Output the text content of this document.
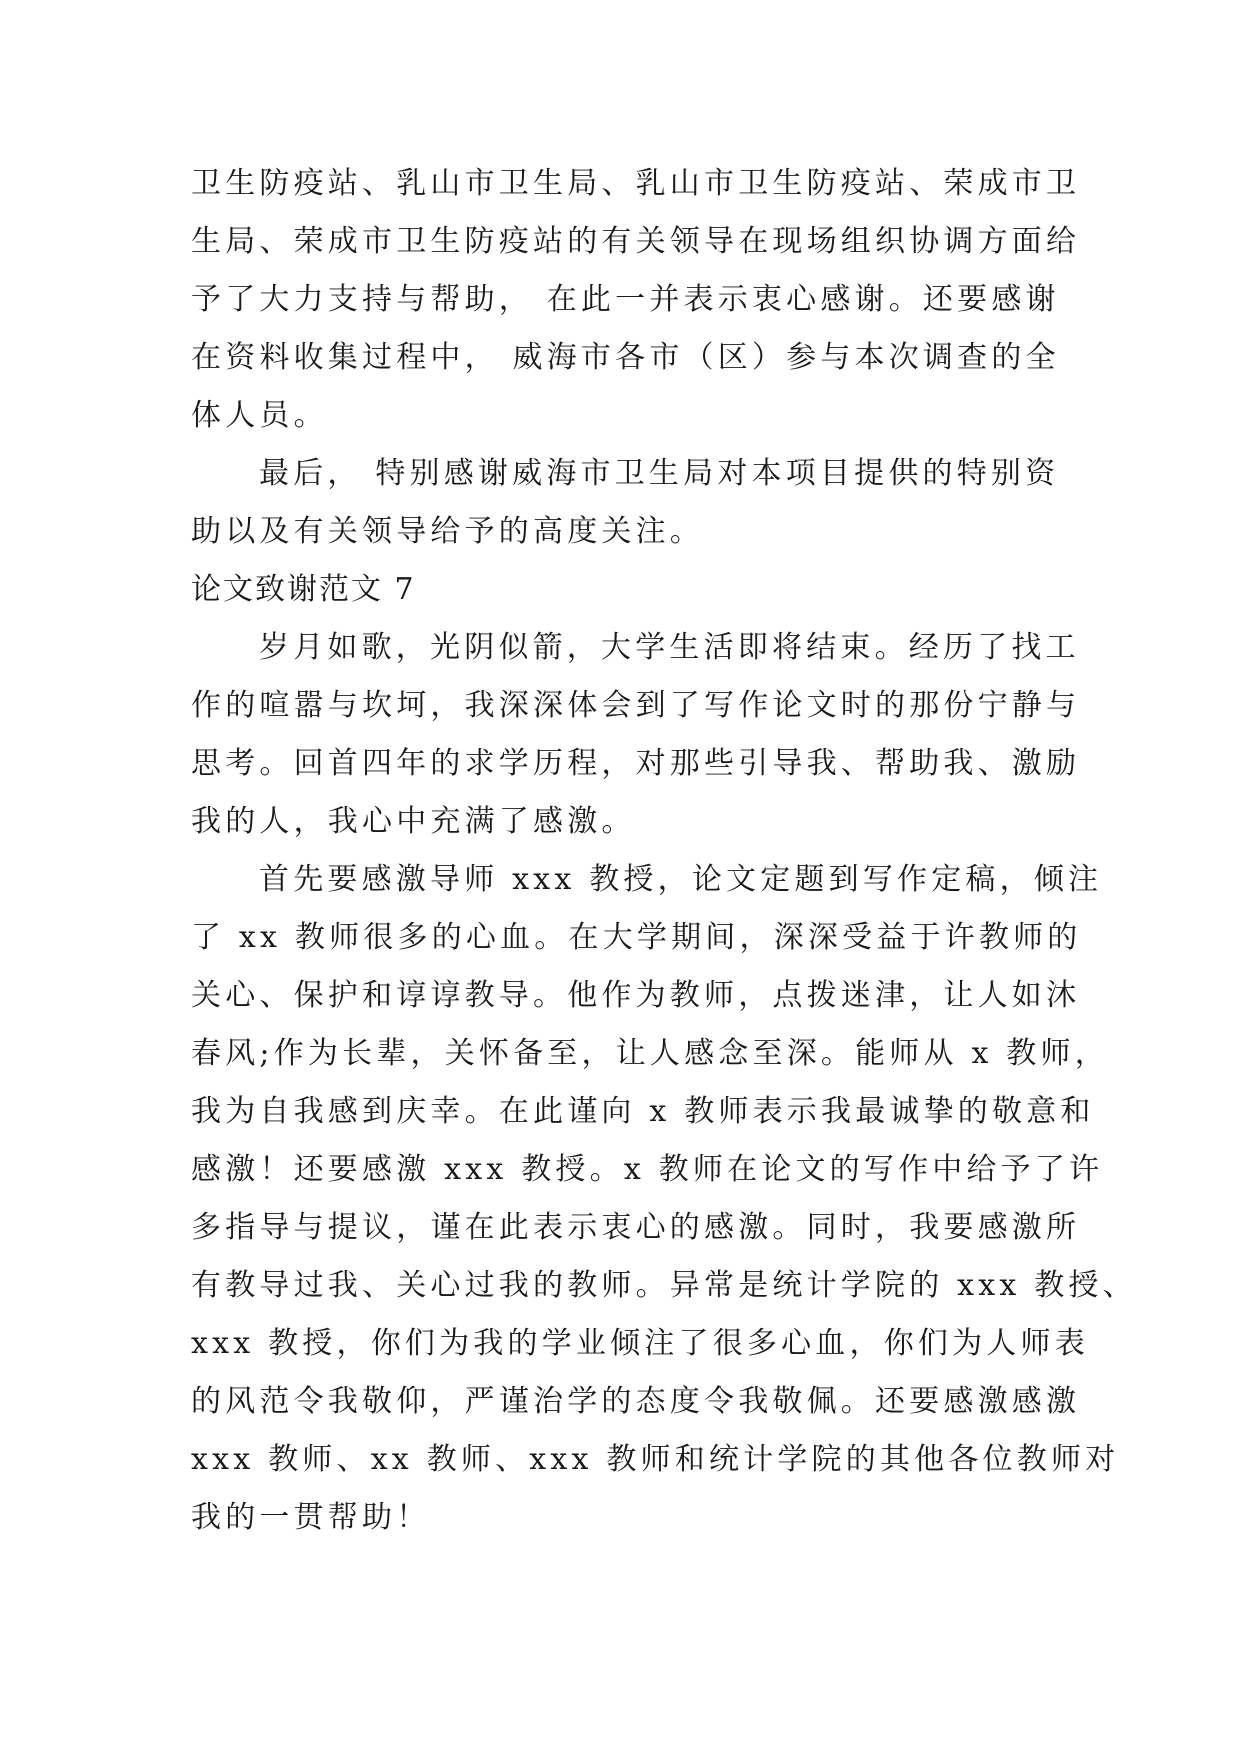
卫生防疫站、乳山市卫生局、乳山市卫生防疫站、荣成市卫
生局、荣成市卫生防疫站的有关领导在现场组织协调方面给
予了大力支持与帮助， 在此一并表示衷心感谢。还要感谢
在资料收集过程中， 威海市各市（区）参与本次调查的全
体人员。
最后， 特别感谢威海市卫生局对本项目提供的特别资
助以及有关领导给予的高度关注。
论文致谢范文 7
岁月如歌，光阴似箭，大学生活即将结束。经历了找工
作的喧嚣与坎坷，我深深体会到了写作论文时的那份宁静与
思考。回首四年的求学历程，对那些引导我、帮助我、激励
我的人，我心中充满了感激。
首先要感激导师 xxx 教授，论文定题到写作定稿，倾注
了 xx 教师很多的心血。在大学期间，深深受益于许教师的
关心、保护和谆谆教导。他作为教师，点拨迷津，让人如沐
春风;作为长辈，关怀备至，让人感念至深。能师从 x 教师，
我为自我感到庆幸。在此谨向 x 教师表示我最诚挚的敬意和
感激！还要感激 xxx 教授。x 教师在论文的写作中给予了许
多指导与提议，谨在此表示衷心的感激。同时，我要感激所
有教导过我、关心过我的教师。异常是统计学院的 xxx 教授、
xxx 教授，你们为我的学业倾注了很多心血，你们为人师表
的风范令我敬仰，严谨治学的态度令我敬佩。还要感激感激
xxx 教师、xx 教师、xxx 教师和统计学院的其他各位教师对
我的一贯帮助！
